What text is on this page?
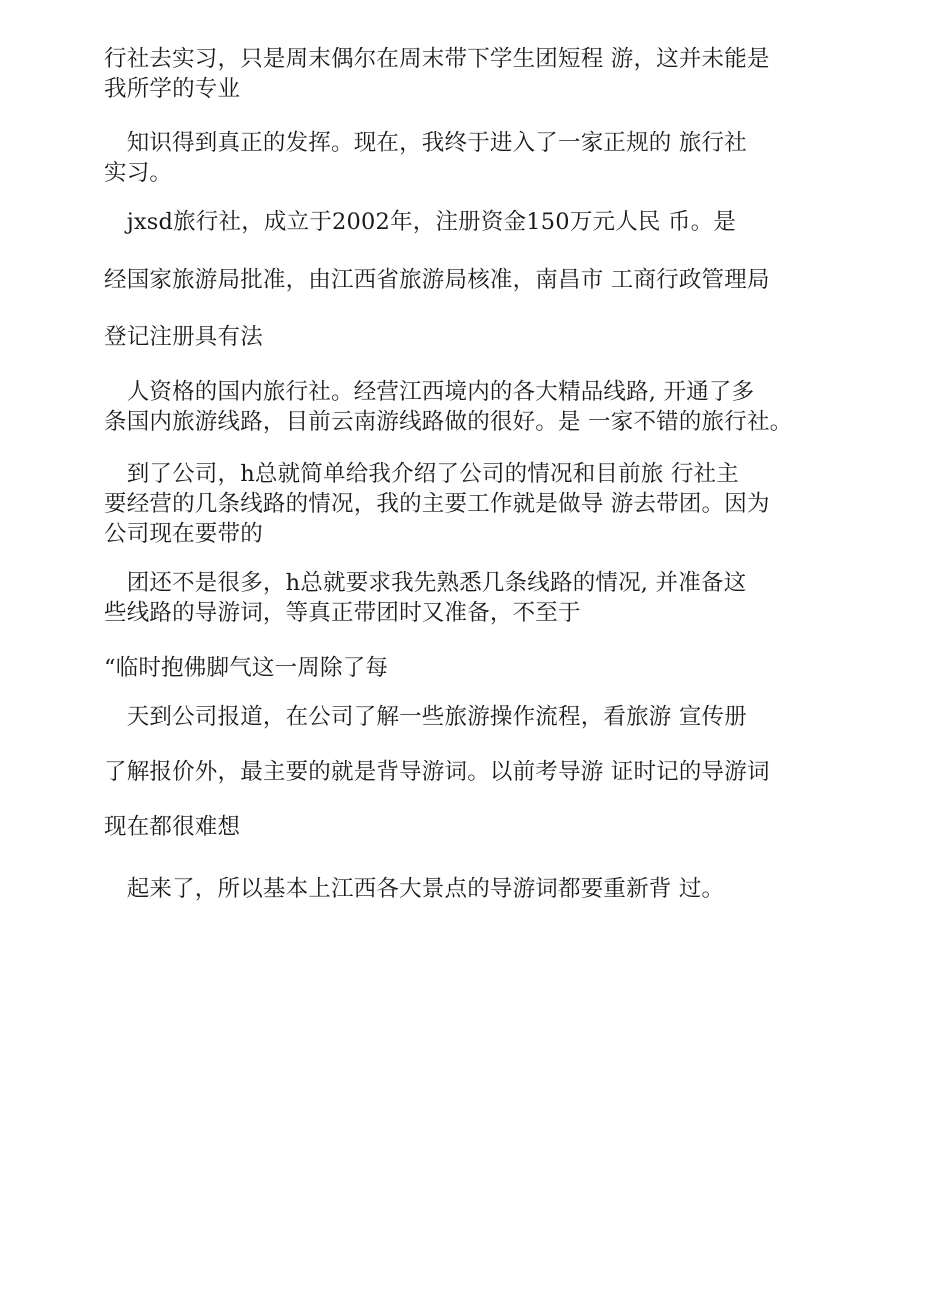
行社去实习，只是周末偶尔在周末带下学生团短程 游，这并未能是
我所学的专业
　知识得到真正的发挥。现在，我终于进入了一家正规的 旅行社
实习。
　jxsd旅行社，成立于2002年，注册资金150万元人民 币。是
经国家旅游局批准，由江西省旅游局核准，南昌市 工商行政管理局
登记注册具有法
　人资格的国内旅行社。经营江西境内的各大精品线路, 开通了多
条国内旅游线路，目前云南游线路做的很好。是 一家不错的旅行社。
　到了公司，h总就简单给我介绍了公司的情况和目前旅 行社主
要经营的几条线路的情况，我的主要工作就是做导 游去带团。因为
公司现在要带的
　团还不是很多，h总就要求我先熟悉几条线路的情况, 并准备这
些线路的导游词，等真正带团时又准备，不至于
“临时抱佛脚气这一周除了每
　天到公司报道，在公司了解一些旅游操作流程，看旅游 宣传册
了解报价外，最主要的就是背导游词。以前考导游 证时记的导游词
现在都很难想
　起来了，所以基本上江西各大景点的导游词都要重新背 过。
